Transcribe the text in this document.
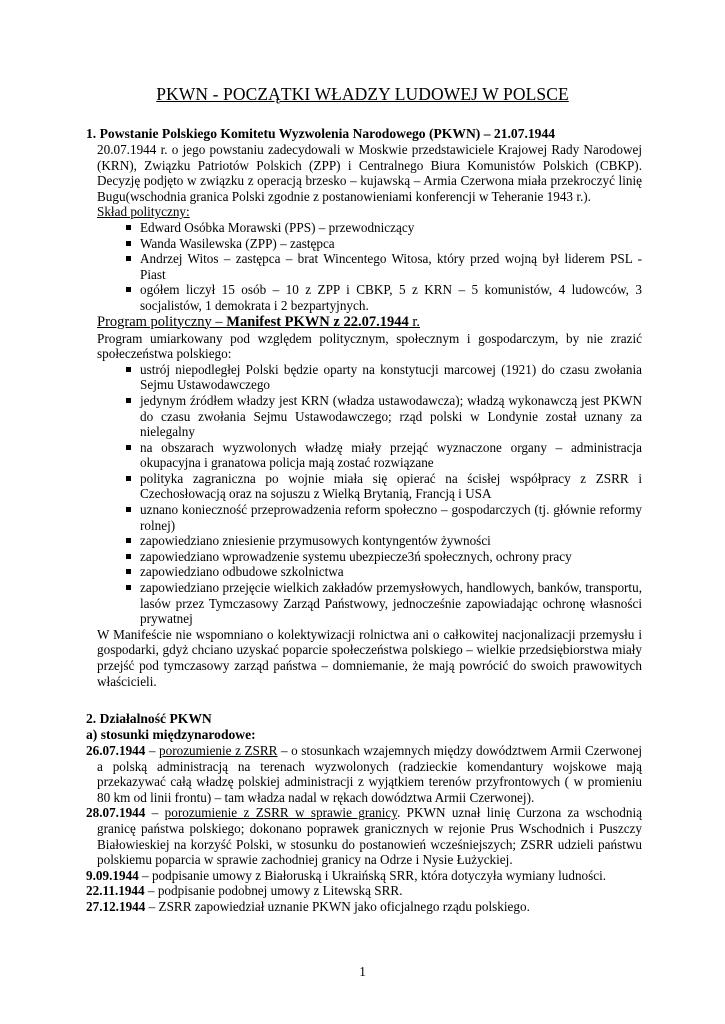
PKWN - POCZĄTKI WŁADZY LUDOWEJ W POLSCE
1. Powstanie Polskiego Komitetu Wyzwolenia Narodowego (PKWN) – 21.07.1944

20.07.1944 r. o jego powstaniu zadecydowali w Moskwie przedstawiciele Krajowej Rady Narodowej (KRN), Związku Patriotów Polskich (ZPP) i Centralnego Biura Komunistów Polskich (CBKP). Decyzję podjęto w związku z operacją brzesko – kujawską – Armia Czerwona miała przekroczyć linię Bugu(wschodnia granica Polski zgodnie z postanowieniami konferencji w Teheranie 1943 r.).

Skład polityczny:

Edward Osóbka Morawski (PPS) – przewodniczący
Wanda Wasilewska (ZPP) – zastępca
Andrzej Witos – zastępca – brat Wincentego Witosa, który przed wojną był liderem PSL - Piast
ogółem liczył 15 osób – 10 z ZPP i CBKP, 5 z KRN – 5 komunistów, 4 ludowców, 3 socjalistów, 1 demokrata i 2 bezpartyjnych.

Program polityczny – Manifest PKWN z 22.07.1944 r.

Program umiarkowany pod względem politycznym, społecznym i gospodarczym, by nie zrazić społeczeństwa polskiego:

ustrój niepodległej Polski będzie oparty na konstytucji marcowej (1921) do czasu zwołania Sejmu Ustawodawczego
jedynym źródłem władzy jest KRN (władza ustawodawcza); władzą wykonawczą jest PKWN do czasu zwołania Sejmu Ustawodawczego; rząd polski w Londynie został uznany za nielegalny
na obszarach wyzwolonych władzę miały przejąć wyznaczone organy – administracja okupacyjna i granatowa policja mają zostać rozwiązane
polityka zagraniczna po wojnie miała się opierać na ścisłej współpracy z ZSRR i Czechosłowacją oraz na sojuszu z Wielką Brytanią, Francją i USA
uznano konieczność przeprowadzenia reform społeczno – gospodarczych (tj. głównie reformy rolnej)
zapowiedziano zniesienie przymusowych kontyngentów żywności
zapowiedziano wprowadzenie systemu ubezpiecze3ń społecznych, ochrony pracy
zapowiedziano odbudowe szkolnictwa
zapowiedziano przejęcie wielkich zakładów przemysłowych, handlowych, banków, transportu, lasów przez Tymczasowy Zarząd Państwowy, jednocześnie zapowiadając ochronę własności prywatnej

W Manifeście nie wspomniano o kolektywizacji rolnictwa ani o całkowitej nacjonalizacji przemysłu i gospodarki, gdyż chciano uzyskać poparcie społeczeństwa polskiego – wielkie przedsiębiorstwa miały przejść pod tymczasowy zarząd państwa – domniemanie, że mają powrócić do swoich prawowitych właścicieli.

2. Działalność PKWN
a) stosunki międzynarodowe:

26.07.1944 – porozumienie z ZSRR – o stosunkach wzajemnych między dowództwem Armii Czerwonej a polską administracją na terenach wyzwolonych (radzieckie komendantury wojskowe mają przekazywać całą władzę polskiej administracji z wyjątkiem terenów przyfrontowych ( w promieniu 80 km od linii frontu) – tam władza nadal w rękach dowództwa Armii Czerwonej).

28.07.1944 – porozumienie z ZSRR w sprawie granicy. PKWN uznał linię Curzona za wschodnią granicę państwa polskiego; dokonano poprawek granicznych w rejonie Prus Wschodnich i Puszczy Białowieskiej na korzyść Polski, w stosunku do postanowień wcześniejszych; ZSRR udzieli państwu polskiemu poparcia w sprawie zachodniej granicy na Odrze i Nysie Łużyckiej.

9.09.1944 – podpisanie umowy z Białoruską i Ukraińską SRR, która dotyczyła wymiany ludności.

22.11.1944 – podpisanie podobnej umowy z Litewską SRR.

27.12.1944 – ZSRR zapowiedział uznanie PKWN jako oficjalnego rządu polskiego.

1
